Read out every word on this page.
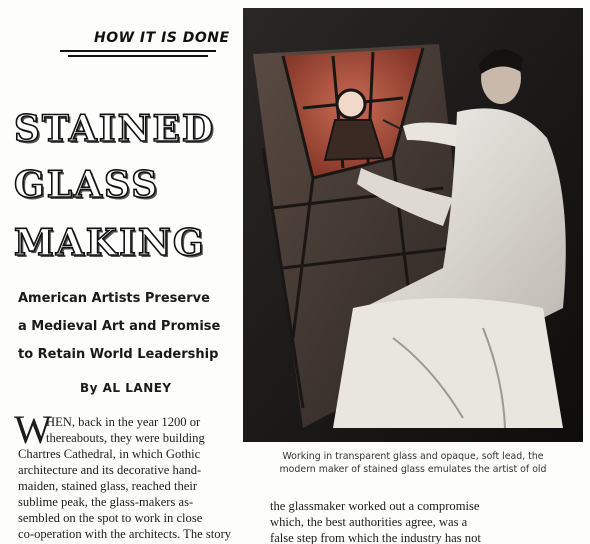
HOW IT IS DONE
STAINED
GLASS
MAKING
American Artists Preserve
a Medieval Art and Promise
to Retain World Leadership
By AL LANEY
W
HEN, back in the year 1200 or
thereabouts, they were building
Chartres Cathedral, in which Gothic
architecture and its decorative hand-
maiden, stained glass, reached their
sublime peak, the glass-makers as-
sembled on the spot to work in close
Working in transparent glass and opaque, soft lead, the
modern maker of stained glass emulates the artist of old
co-operation with the architects. The story
the glassmaker worked out a compromise
which, the best authorities agree, was a
false step from which the industry has not
